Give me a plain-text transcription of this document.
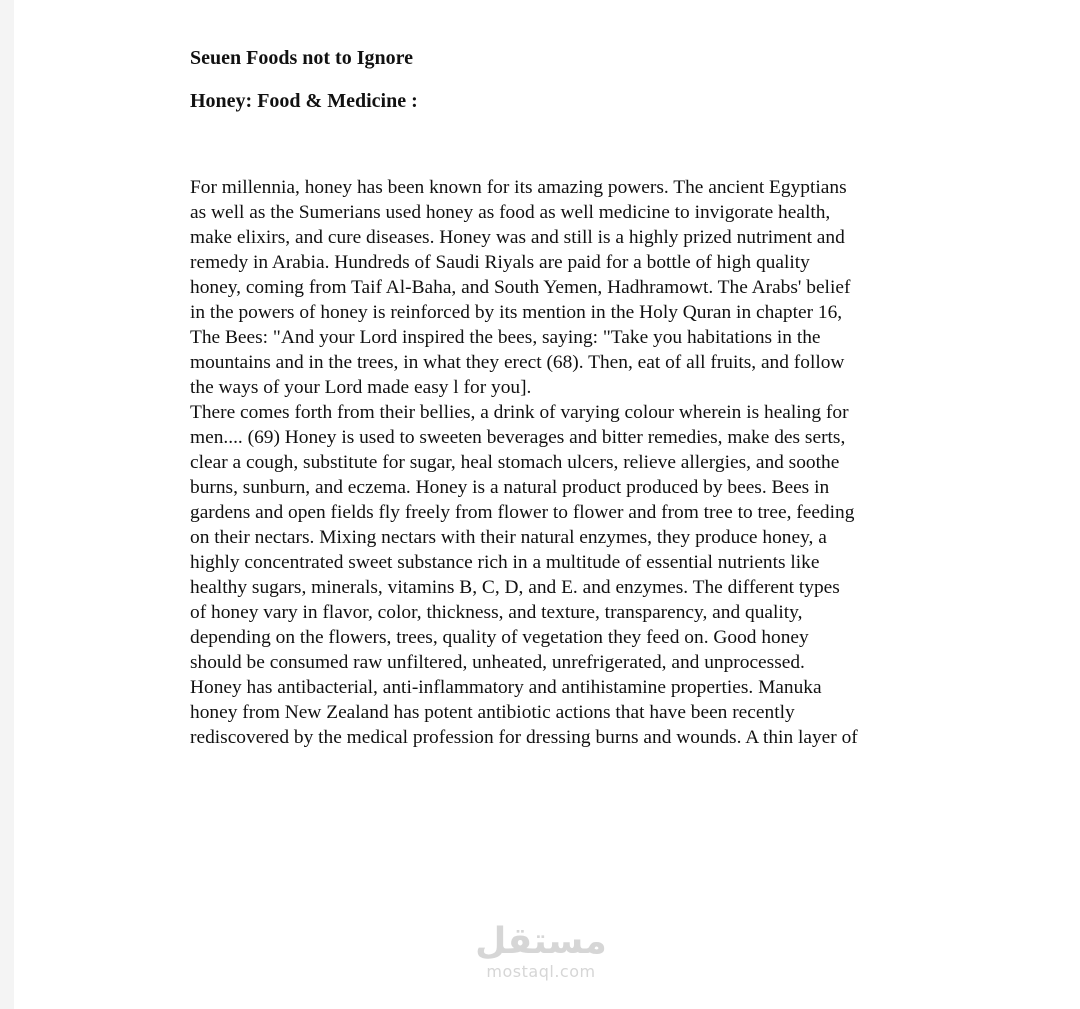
Seuen Foods not to Ignore
Honey: Food & Medicine :
For millennia, honey has been known for its amazing powers. The ancient Egyptians
as well as the Sumerians used honey as food as well medicine to invigorate health,
make elixirs, and cure diseases. Honey was and still is a highly prized nutriment and
remedy in Arabia. Hundreds of Saudi Riyals are paid for a bottle of high quality
honey, coming from Taif Al-Baha, and South Yemen, Hadhramowt. The Arabs' belief
in the powers of honey is reinforced by its mention in the Holy Quran in chapter 16,
The Bees: "And your Lord inspired the bees, saying: "Take you habitations in the
mountains and in the trees, in what they erect (68). Then, eat of all fruits, and follow
the ways of your Lord made easy l for you].
There comes forth from their bellies, a drink of varying colour wherein is healing for
men.... (69) Honey is used to sweeten beverages and bitter remedies, make des serts,
clear a cough, substitute for sugar, heal stomach ulcers, relieve allergies, and soothe
burns, sunburn, and eczema. Honey is a natural product produced by bees. Bees in
gardens and open fields fly freely from flower to flower and from tree to tree, feeding
on their nectars. Mixing nectars with their natural enzymes, they produce honey, a
highly concentrated sweet substance rich in a multitude of essential nutrients like
healthy sugars, minerals, vitamins B, C, D, and E. and enzymes. The different types
of honey vary in flavor, color, thickness, and texture, transparency, and quality,
depending on the flowers, trees, quality of vegetation they feed on. Good honey
should be consumed raw unfiltered, unheated, unrefrigerated, and unprocessed.
Honey has antibacterial, anti-inflammatory and antihistamine properties. Manuka
honey from New Zealand has potent antibiotic actions that have been recently
rediscovered by the medical profession for dressing burns and wounds. A thin layer of
مستقل
mostaql.com
